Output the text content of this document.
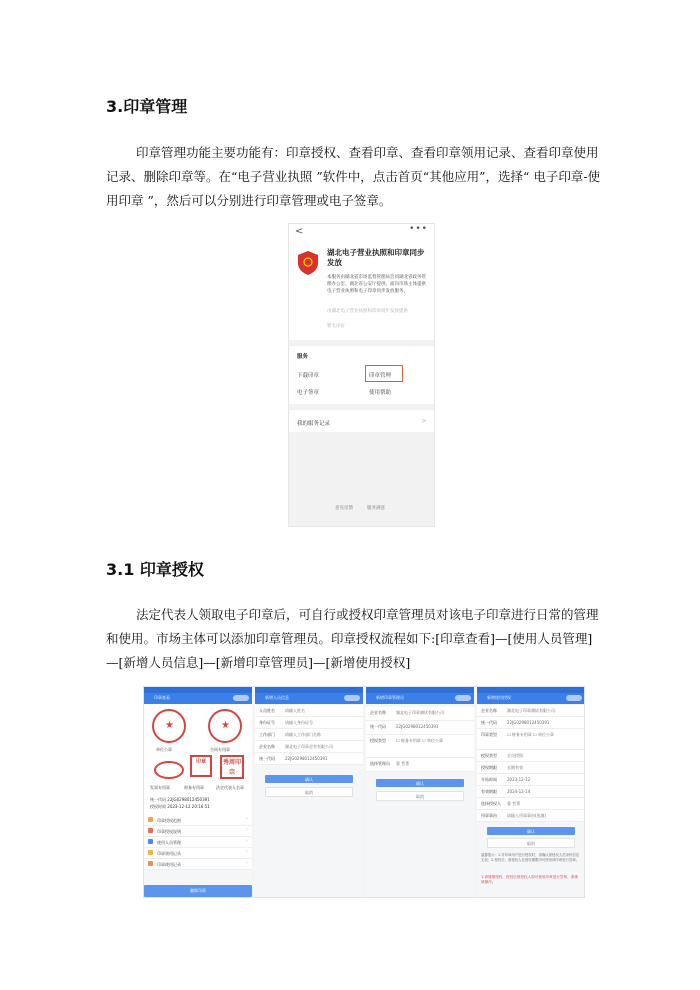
3.印章管理
印章管理功能主要功能有：印章授权、查看印章、查看印章领用记录、查看印章使用记录、删除印章等。在“电子营业执照 ”软件中，点击首页“其他应用”，选择“ 电子印章-使用印章 ”，然后可以分别进行印章管理或电子签章。
<	•••
湖北电子营业执照和印章同步发放
本服务由湖北省市场监督管理局会同湖北省政务管理办公室、湖北省公安厅提供。面向市场主体提供电子营业执照和电子印章同步发放服务。
由湖北电子营业执照和印章同步发放提供
暂无评价
服务
下载印章	印章管理
电子签章	使用帮助
我的服务记录	>
意见反馈	服务满意
3.1 印章授权
法定代表人领取电子印章后，可自行或授权印章管理员对该电子印章进行日常的管理和使用。市场主体可以添加印章管理员。印章授权流程如下:[印章查看]—[使用人员管理]—[新增人员信息]—[新增印章管理员]—[新增使用授权]
印章查看
★	★
单位公章	合同专用章
印章	秀周印宗
发票专用章	财务专用章	法定代表人名章
统一代码 22JG0298012450391
授权时间 2023-12-12 20:16:51
印章授权范围	›
印章授权说明	›
使用人员管理	›
印章领用记录	›
印章使用记录	›
删除印章
新增人员信息
人员姓名	请输入姓名
身份证号	请输入身份证号
工作部门	请输入工作部门名称
企业名称	湖北电子印章企业有限公司
统一代码	22JG0298012450391
确认
取消
新增印章管理员
企业名称	湖北电子印章测试有限公司
统一代码	22JG0298012450391
授权类型	☐ 财务专用章 ☐ 单位公章
选择管理员 曹 哲菁
确认
取消
新增使用授权
企业名称	湖北电子印章测试有限公司
统一代码	22JG0298012450391
印章类型	☐ 财务专用章 ☐ 单位公章
授权类型	全员授权
授权期限	长期有效
开始时间	2023-12-12
有效期限	2024-12-14
选择授权人 曹 哲菁
用章事由	请输入用章事由(选填)
确认
取消
温馨提示：1.对印章用户进行授权时，请确认被授权人员身份信息无误；2.授权后，被授权人在授权期限内可使用该印章进行签章。
1.请谨慎授权，授权后被授权人即可使用印章进行签章，请谨慎操作。
